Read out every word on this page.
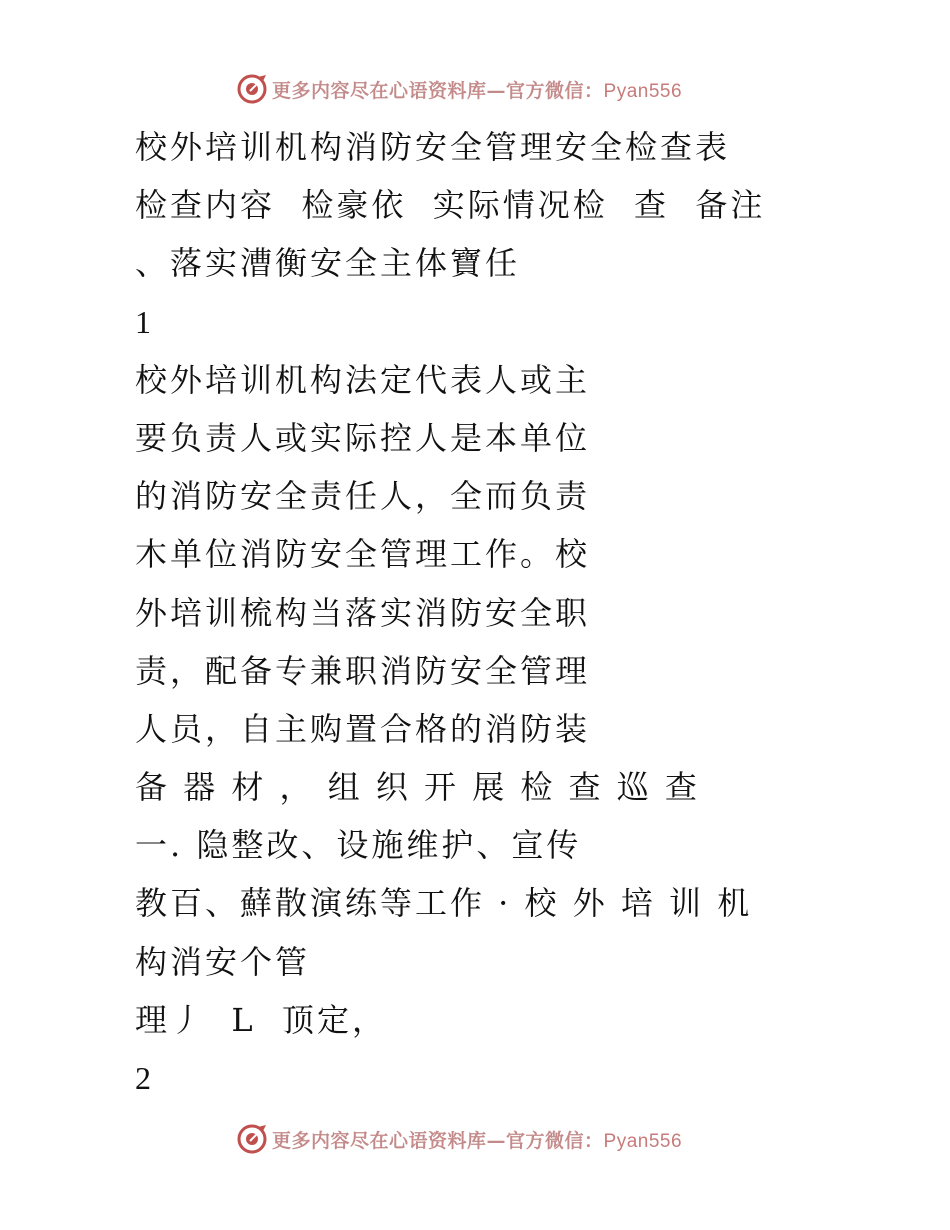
更多内容尽在心语资料库—官方微信：Pyan556
校外培训机构消防安全管理安全检查表
检查内容  检豪依  实际情况检  查  备注
、落实漕衡安全主体寶任
1
校外培训机构法定代表人或主
要负责人或实际控人是本单位
的消防安全责任人，全而负责
木单位消防安全管理工作。校
外培训梳构当落实消防安全职
责，配备专兼职消防安全管理
人员，自主购置合格的消防装
备 器 材 ， 组 织 开 展 检 查 巡 查
一. 隐整改、设施维护、宣传
教百、蘚散演练等工作 · 校 外 培 训 机
构消安个管
理丿  L  顶定，
2
更多内容尽在心语资料库—官方微信：Pyan556
